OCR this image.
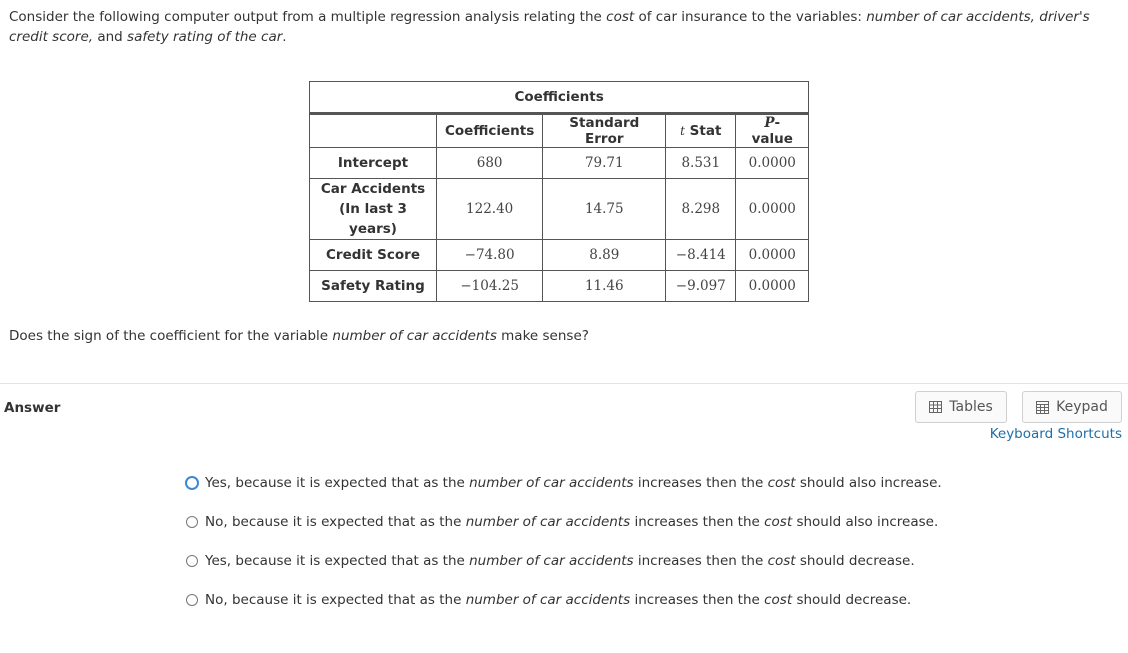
Consider the following computer output from a multiple regression analysis relating the cost of car insurance to the variables: number of car accidents, driver's credit score, and safety rating of the car.
Coefficients
	Coefficients	Standard Error	t Stat	P-value
Intercept	680	79.71	8.531	0.0000
Car Accidents
(In last 3 years)	122.40	14.75	8.298	0.0000
Credit Score	−74.80	8.89	−8.414	0.0000
Safety Rating	−104.25	11.46	−9.097	0.0000
Does the sign of the coefficient for the variable number of car accidents make sense?
Answer	Tables	Keypad
Keyboard Shortcuts
Yes, because it is expected that as the number of car accidents increases then the cost should also increase.
No, because it is expected that as the number of car accidents increases then the cost should also increase.
Yes, because it is expected that as the number of car accidents increases then the cost should decrease.
No, because it is expected that as the number of car accidents increases then the cost should decrease.
